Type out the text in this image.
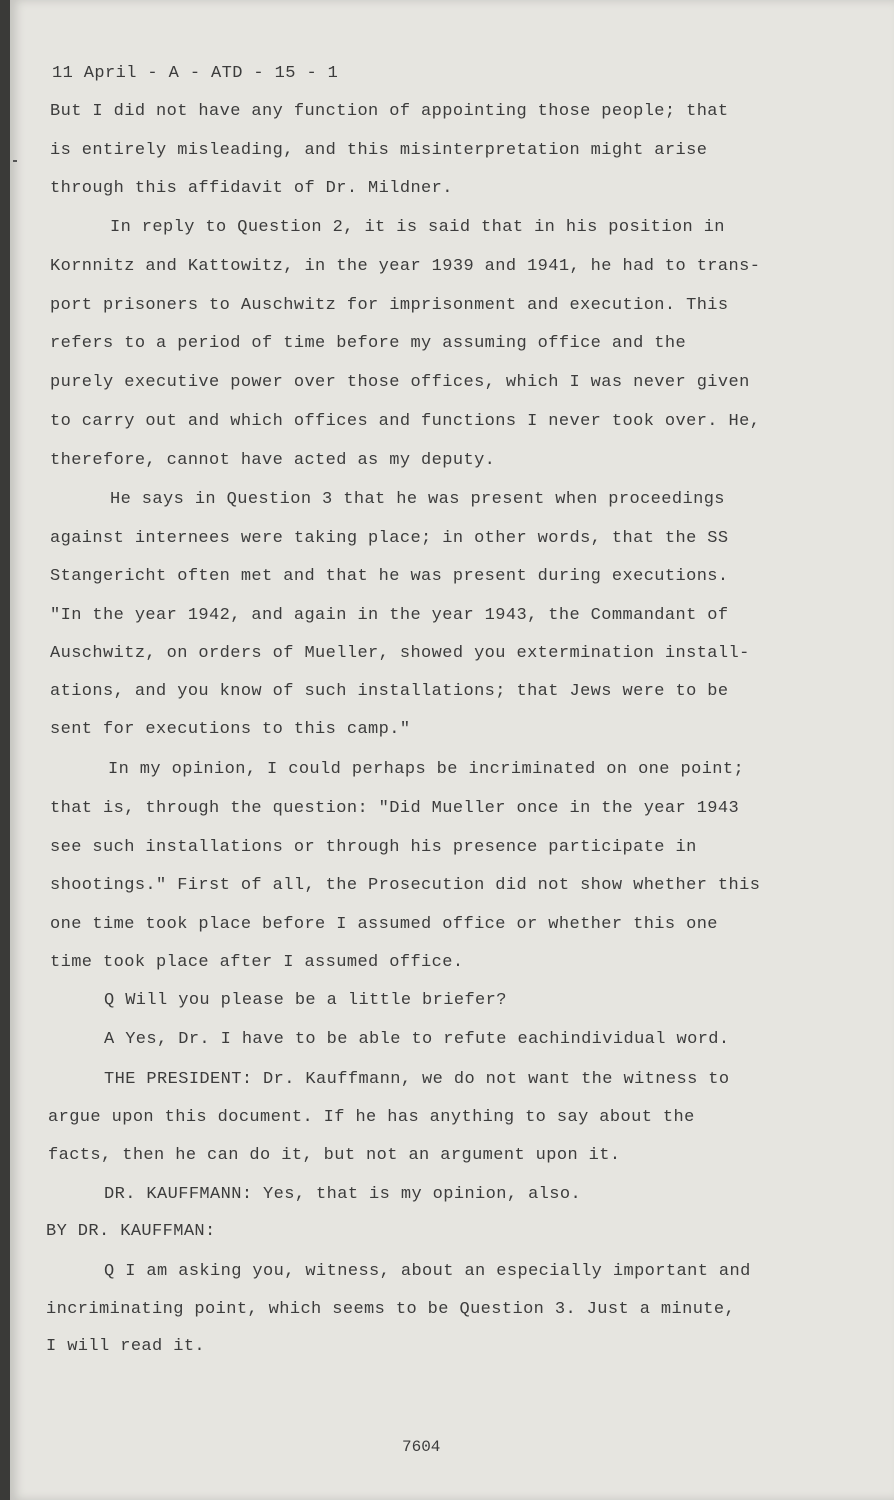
11 April - A - ATD - 15 - 1
But I did not have any function of appointing those people; that
is entirely misleading, and this misinterpretation might arise
through this affidavit of Dr. Mildner.
In reply to Question 2, it is said that in his position in
Kornnitz and Kattowitz, in the year 1939 and 1941, he had to trans-
port prisoners to Auschwitz for imprisonment and execution. This
refers to a period of time before my assuming office and the
purely executive power over those offices, which I was never given
to carry out and which offices and functions I never took over. He,
therefore, cannot have acted as my deputy.
He says in Question 3 that he was present when proceedings
against internees were taking place; in other words, that the SS
Stangericht often met and that he was present during executions.
"In the year 1942, and again in the year 1943, the Commandant of
Auschwitz, on orders of Mueller, showed you extermination install-
ations, and you know of such installations; that Jews were to be
sent for executions to this camp."
In my opinion, I could perhaps be incriminated on one point;
that is, through the question: "Did Mueller once in the year 1943
see such installations or through his presence participate in
shootings." First of all, the Prosecution did not show whether this
one time took place before I assumed office or whether this one
time took place after I assumed office.
Q Will you please be a little briefer?
A Yes, Dr. I have to be able to refute eachindividual word.
THE PRESIDENT: Dr. Kauffmann, we do not want the witness to
argue upon this document. If he has anything to say about the
facts, then he can do it, but not an argument upon it.
DR. KAUFFMANN: Yes, that is my opinion, also.
BY DR. KAUFFMAN:
Q I am asking you, witness, about an especially important and
incriminating point, which seems to be Question 3. Just a minute,
I will read it.
7604
